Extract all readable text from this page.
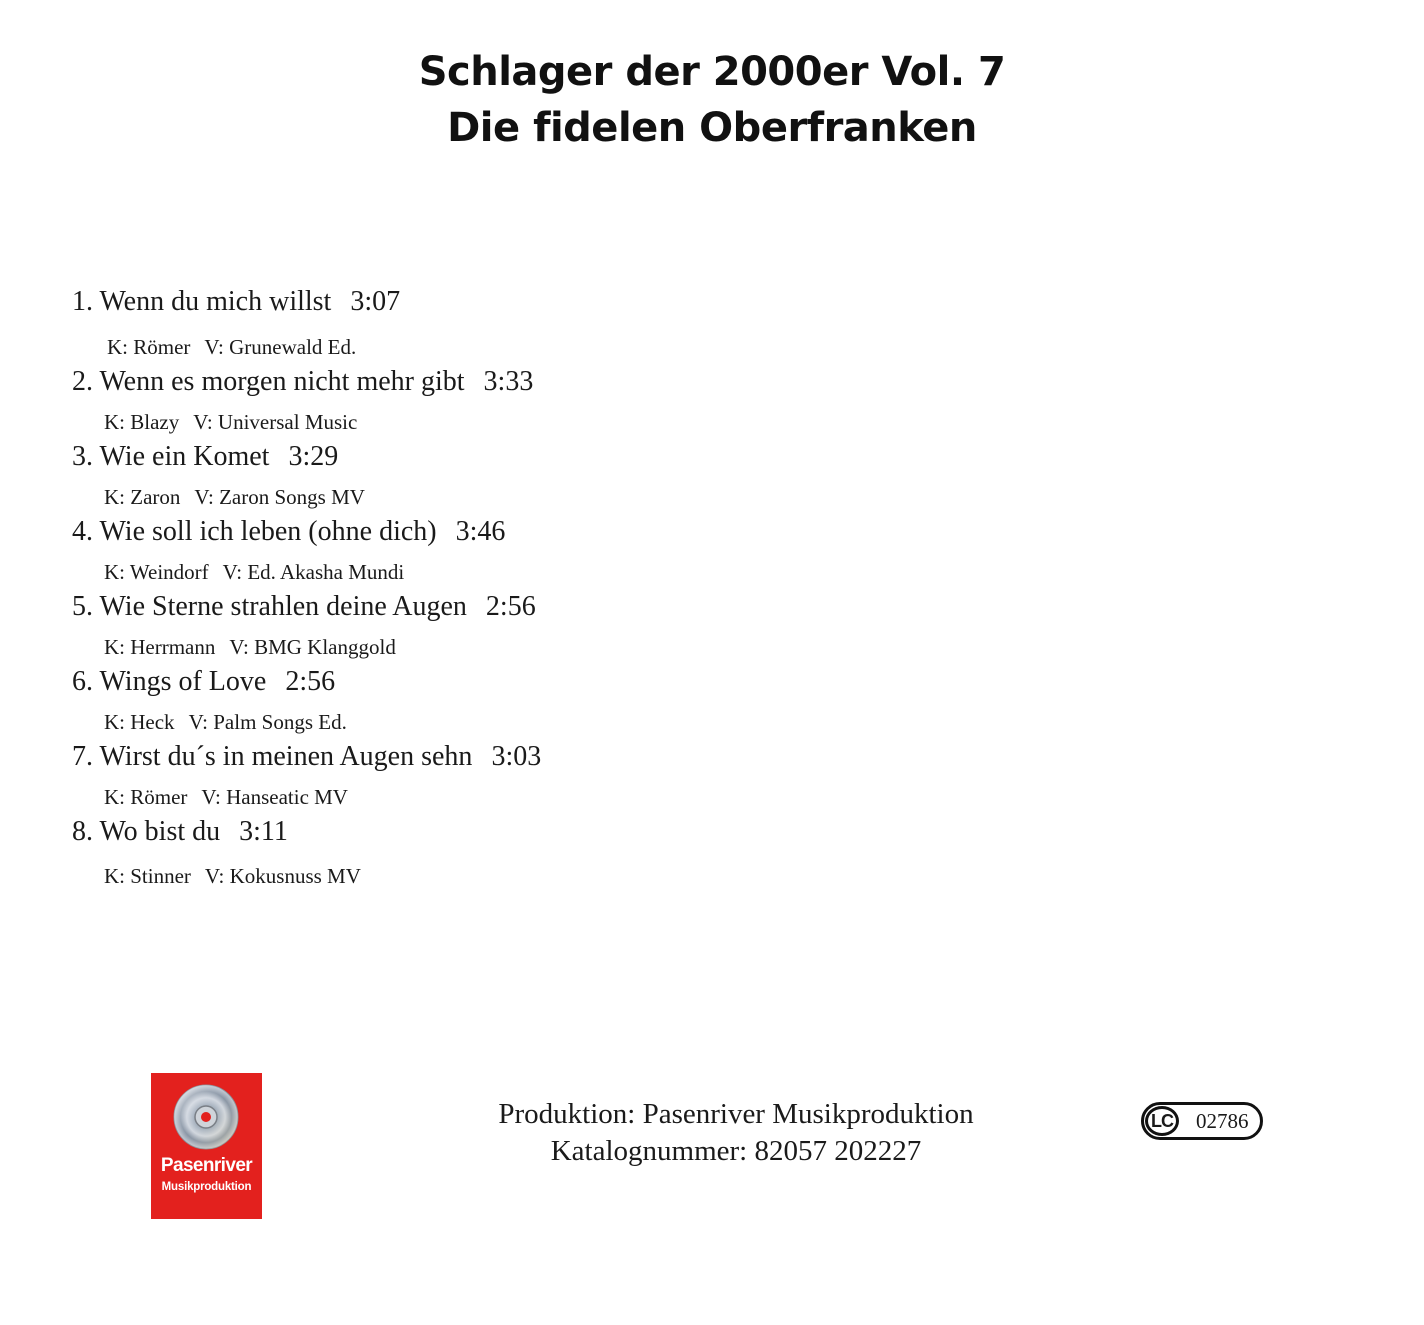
Schlager der 2000er Vol. 7
Die fidelen Oberfranken
1. Wenn du mich willst 3:07
K: Römer V: Grunewald Ed.
2. Wenn es morgen nicht mehr gibt 3:33
K: Blazy V: Universal Music
3. Wie ein Komet 3:29
K: Zaron V: Zaron Songs MV
4. Wie soll ich leben (ohne dich) 3:46
K: Weindorf V: Ed. Akasha Mundi
5. Wie Sterne strahlen deine Augen 2:56
K: Herrmann V: BMG Klanggold
6. Wings of Love 2:56
K: Heck V: Palm Songs Ed.
7. Wirst du´s in meinen Augen sehn 3:03
K: Römer V: Hanseatic MV
8. Wo bist du 3:11
K: Stinner V: Kokusnuss MV
Pasenriver
Musikproduktion
Produktion: Pasenriver Musikproduktion
Katalognummer: 82057 202227
LC 02786
